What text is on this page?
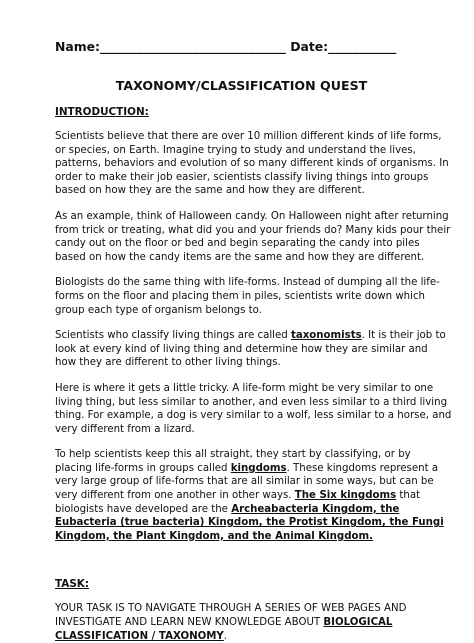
Name:______________________________ Date:___________

TAXONOMY/CLASSIFICATION QUEST

INTRODUCTION:

Scientists believe that there are over 10 million different kinds of life forms,
or species, on Earth. Imagine trying to study and understand the lives,
patterns, behaviors and evolution of so many different kinds of organisms. In
order to make their job easier, scientists classify living things into groups
based on how they are the same and how they are different.

As an example, think of Halloween candy. On Halloween night after returning
from trick or treating, what did you and your friends do? Many kids pour their
candy out on the floor or bed and begin separating the candy into piles
based on how the candy items are the same and how they are different.

Biologists do the same thing with life-forms. Instead of dumping all the life-
forms on the floor and placing them in piles, scientists write down which
group each type of organism belongs to.

Scientists who classify living things are called taxonomists. It is their job to
look at every kind of living thing and determine how they are similar and
how they are different to other living things.

Here is where it gets a little tricky. A life-form might be very similar to one
living thing, but less similar to another, and even less similar to a third living
thing. For example, a dog is very similar to a wolf, less similar to a horse, and
very different from a lizard.

To help scientists keep this all straight, they start by classifying, or by
placing life-forms in groups called kingdoms. These kingdoms represent a
very large group of life-forms that are all similar in some ways, but can be
very different from one another in other ways. The Six kingdoms that
biologists have developed are the Archeabacteria Kingdom, the
Eubacteria (true bacteria) Kingdom, the Protist Kingdom, the Fungi
Kingdom, the Plant Kingdom, and the Animal Kingdom.

TASK:

YOUR TASK IS TO NAVIGATE THROUGH A SERIES OF WEB PAGES AND
INVESTIGATE AND LEARN NEW KNOWLEDGE ABOUT BIOLOGICAL
CLASSIFICATION / TAXONOMY.
